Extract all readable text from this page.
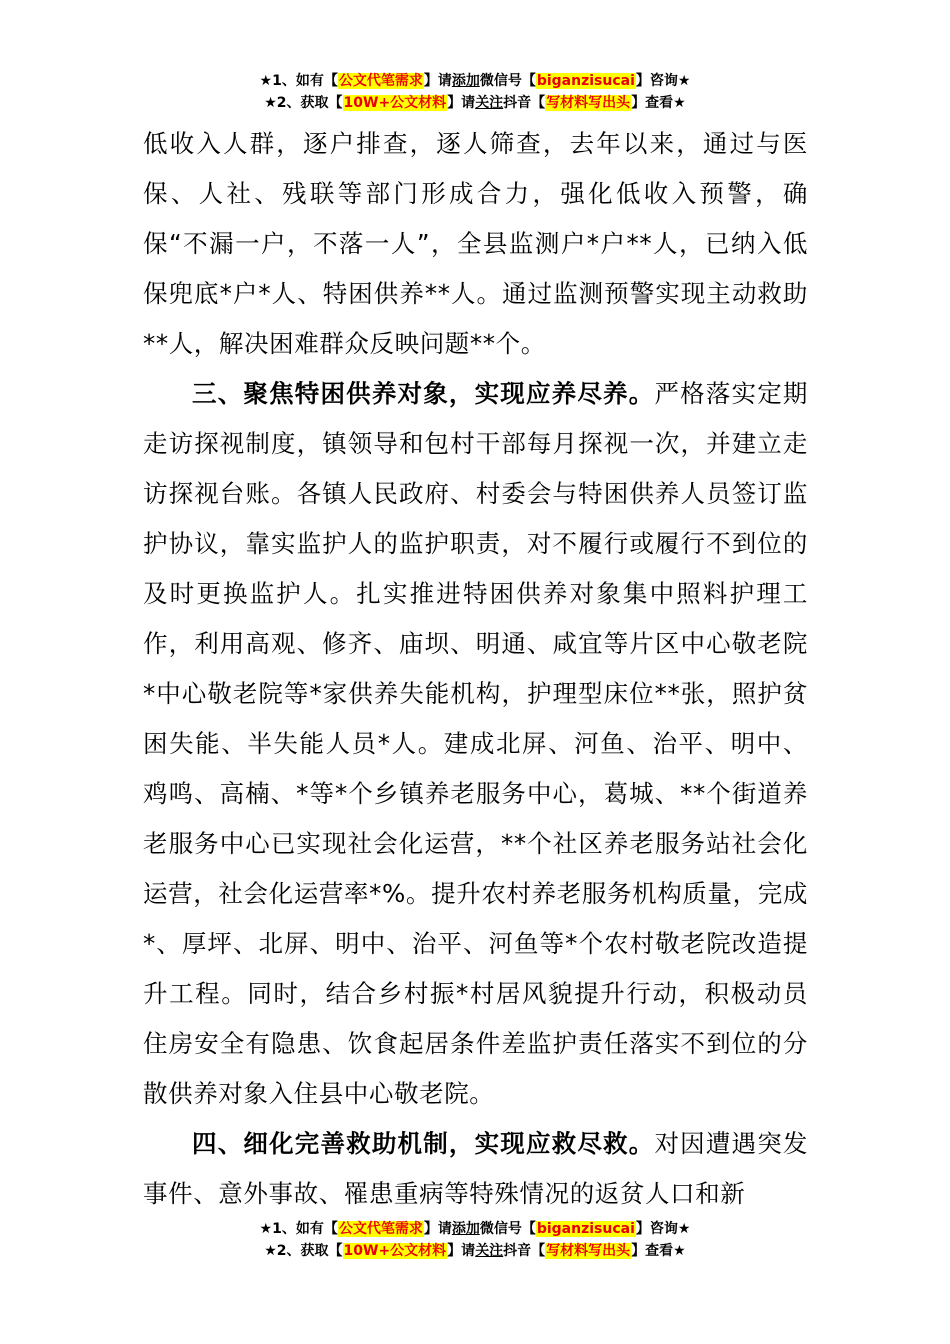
★1、如有【公文代笔需求】请添加微信号【biganzisucai】咨询★
★2、获取【10W+公文材料】请关注抖音【写材料写出头】查看★

低收入人群，逐户排查，逐人筛查，去年以来，通过与医保、人社、残联等部门形成合力，强化低收入预警，确保“不漏一户，不落一人”，全县监测户*户**人，已纳入低保兜底*户*人、特困供养**人。通过监测预警实现主动救助**人，解决困难群众反映问题**个。

三、聚焦特困供养对象，实现应养尽养。严格落实定期走访探视制度，镇领导和包村干部每月探视一次，并建立走访探视台账。各镇人民政府、村委会与特困供养人员签订监护协议，靠实监护人的监护职责，对不履行或履行不到位的及时更换监护人。扎实推进特困供养对象集中照料护理工作，利用高观、修齐、庙坝、明通、咸宜等片区中心敬老院*中心敬老院等*家供养失能机构，护理型床位**张，照护贫困失能、半失能人员*人。建成北屏、河鱼、治平、明中、鸡鸣、高楠、*等*个乡镇养老服务中心，葛城、**个街道养老服务中心已实现社会化运营，**个社区养老服务站社会化运营，社会化运营率*%。提升农村养老服务机构质量，完成*、厚坪、北屏、明中、治平、河鱼等*个农村敬老院改造提升工程。同时，结合乡村振*村居风貌提升行动，积极动员住房安全有隐患、饮食起居条件差监护责任落实不到位的分散供养对象入住县中心敬老院。

四、细化完善救助机制，实现应救尽救。对因遭遇突发事件、意外事故、罹患重病等特殊情况的返贫人口和新

★1、如有【公文代笔需求】请添加微信号【biganzisucai】咨询★
★2、获取【10W+公文材料】请关注抖音【写材料写出头】查看★
